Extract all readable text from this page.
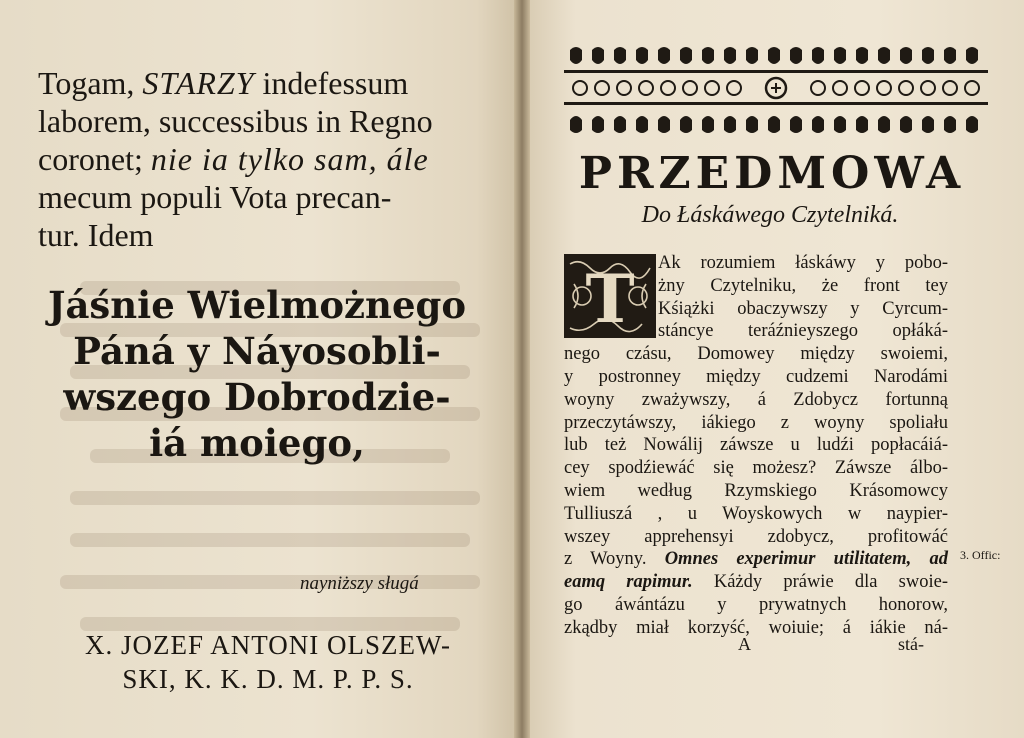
Togam, STARZY indefessum
laborem, successibus in Regno
coronet; nie ia tylko sam, ále
mecum populi Vota precan-
tur. Idem
Jáśnie Wielmożnego
Páná y Náyosobli-
wszego Dobrodzie-
iá moiego,
nayniższy sługá
X. JOZEF ANTONI OLSZEW-
SKI, K. K. D. M. P. P. S.
PRZEDMOWA
Do Łáskáwego Czytelniká.
T	Ak rozumiem łáskáwy y pobo-
żny Czytelniku, że front tey
Kśiążki obaczywszy y Cyrcum-
stáncye teráźnieyszego opłáká-
nego czásu, Domowey między swoiemi,
y postronney między cudzemi Narodámi
woyny zważywszy, á Zdobycz fortunną
przeczytáwszy, iákiego z woyny spoliału
lub też Nowálij záwsze u ludźi popłacáiá-
cey spodźiewáć się możesz? Záwsze álbo-
wiem według Rzymskiego Krásomowcy
Tulliuszá , u Woyskowych w naypier-
wszey apprehensyi zdobycz, profitowáć
z Woyny. Omnes experimur utilitatem, ad
eamq rapimur. Káżdy práwie dla swoie-
go áwántázu y prywatnych honorow,
zkądby miał korzyść, woiuie; á iákie ná-
3. Offic:
A	stá-
